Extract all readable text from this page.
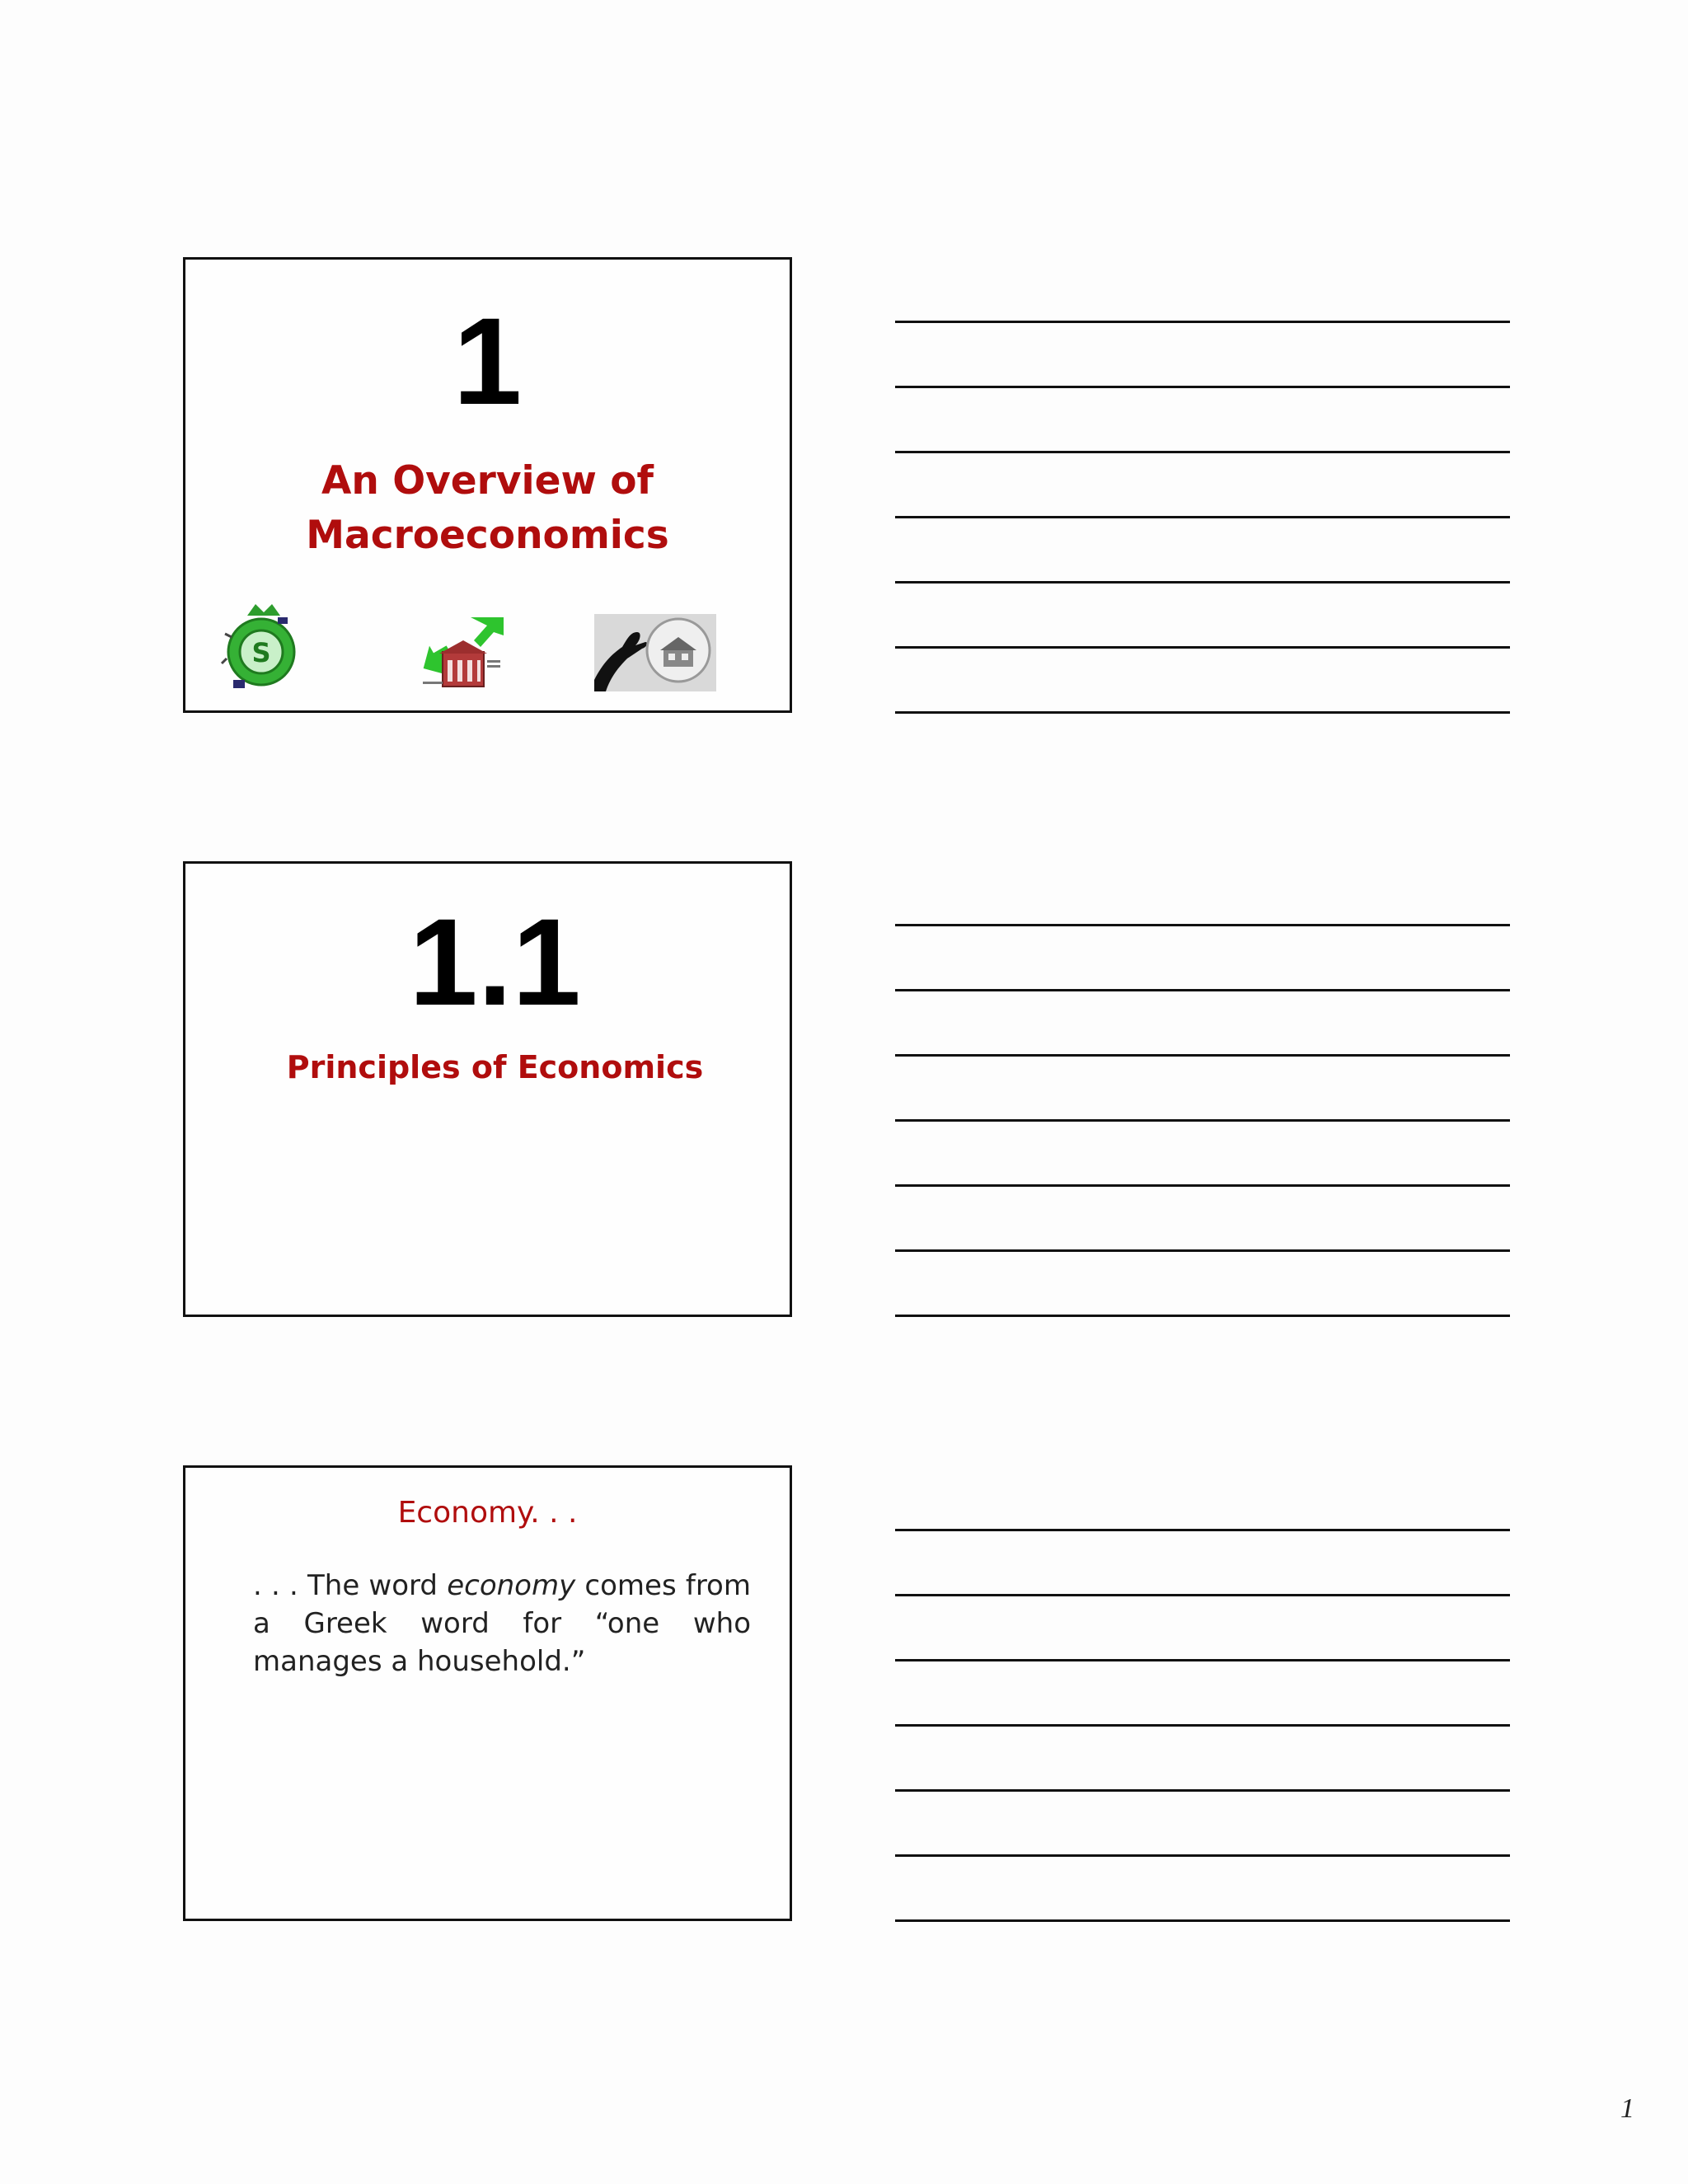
1
An Overview of
Macroeconomics
S
1.1
Principles of Economics
Economy. . .
. . . The word economy comes from a Greek word for “one who manages a household.”
1
